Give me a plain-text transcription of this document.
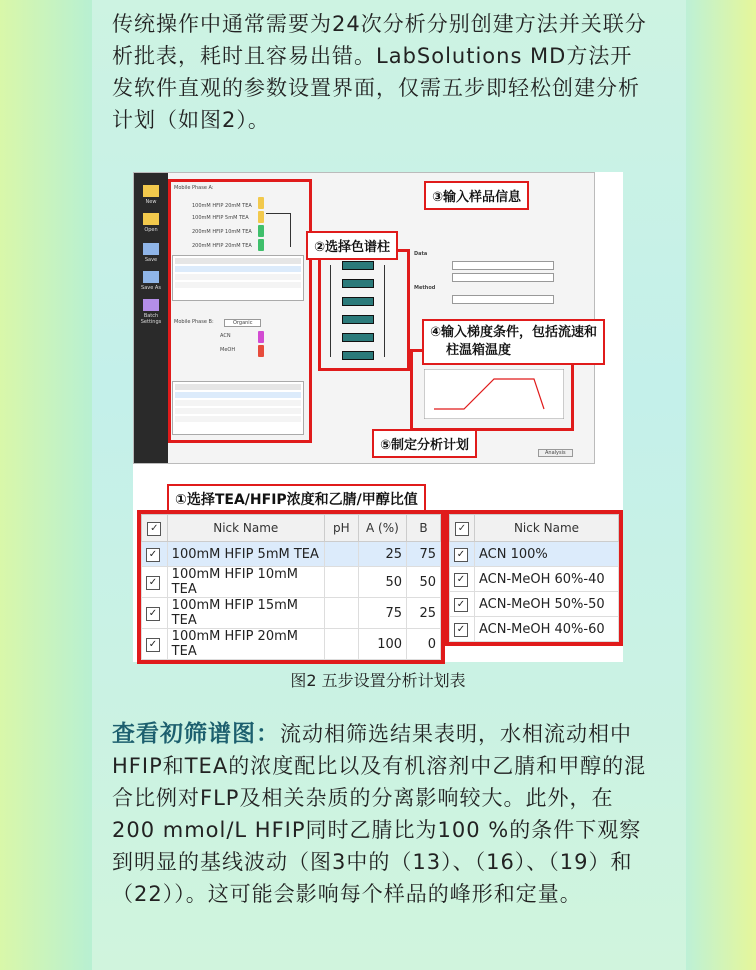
传统操作中通常需要为24次分析分别创建方法并关联分析批表，耗时且容易出错。LabSolutions MD方法开发软件直观的参数设置界面，仅需五步即轻松创建分析计划（如图2）。
New
Open
Save
Save As
Batch Settings
Mobile Phase A:
100mM HFIP 20mM TEA
100mM HFIP 5mM TEA
200mM HFIP 10mM TEA
200mM HFIP 20mM TEA
Mobile Phase B:	Organic
ACN
MeOH
Data
Method
Analysis
③输入样品信息
②选择色谱柱
④输入梯度条件，包括流速和
柱温箱温度
⑤制定分析计划
①选择TEA/HFIP浓度和乙腈/甲醇比值
✓	Nick Name	pH	A (%)	B
✓	100mM HFIP 5mM TEA		25	75
✓	100mM HFIP 10mM TEA		50	50
✓	100mM HFIP 15mM TEA		75	25
✓	100mM HFIP 20mM TEA		100	0
✓	Nick Name
✓	ACN 100%
✓	ACN-MeOH 60%-40
✓	ACN-MeOH 50%-50
✓	ACN-MeOH 40%-60
图2 五步设置分析计划表
查看初筛谱图：流动相筛选结果表明，水相流动相中HFIP和TEA的浓度配比以及有机溶剂中乙腈和甲醇的混合比例对FLP及相关杂质的分离影响较大。此外，在200 mmol/L HFIP同时乙腈比为100 %的条件下观察到明显的基线波动（图3中的（13）、（16）、（19）和（22））。这可能会影响每个样品的峰形和定量。
